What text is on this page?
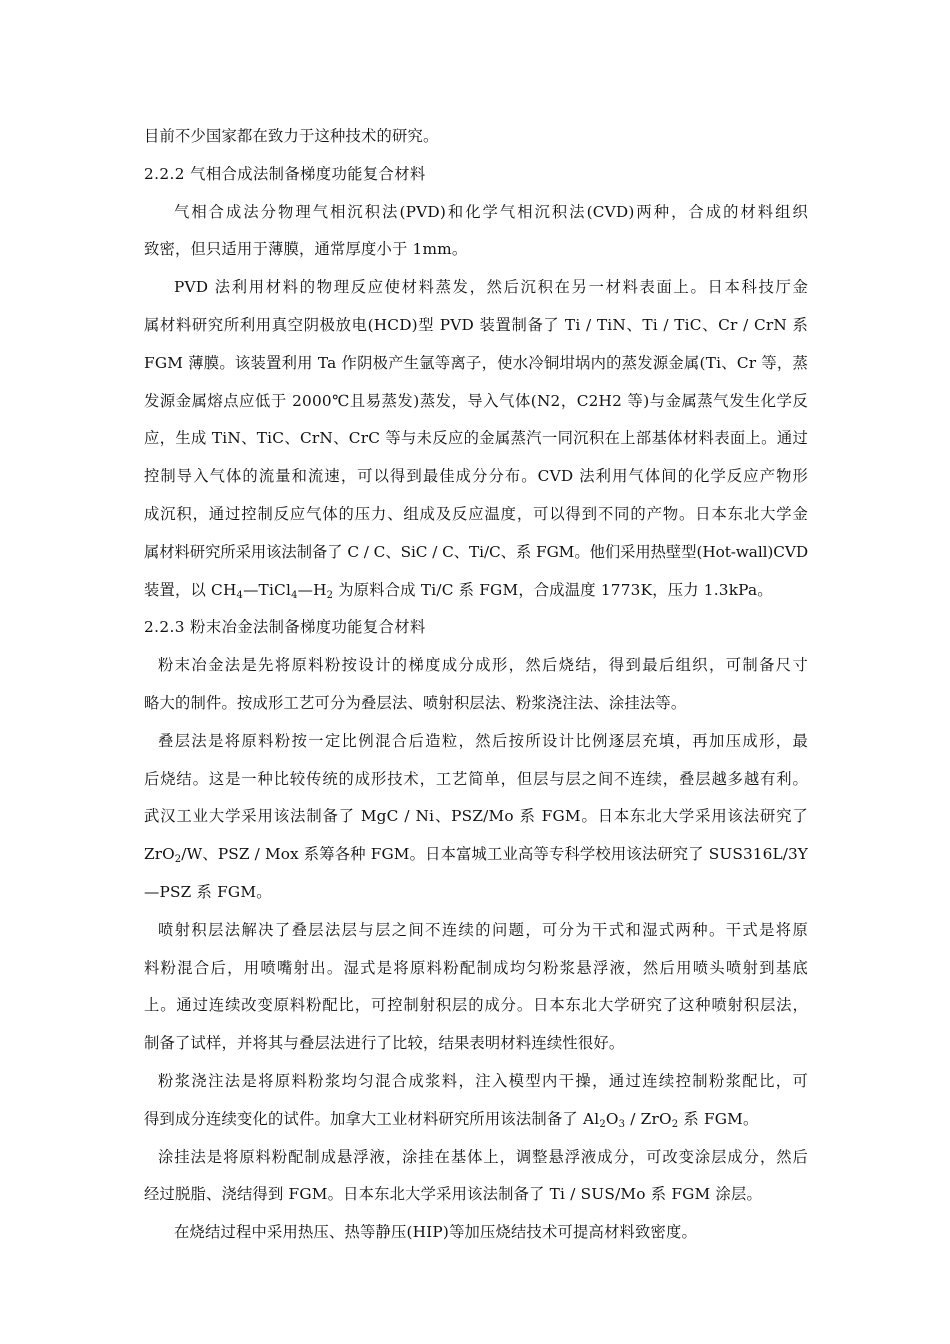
目前不少国家都在致力于这种技术的研究。
2.2.2 气相合成法制备梯度功能复合材料
气相合成法分物理气相沉积法(PVD)和化学气相沉积法(CVD)两种，合成的材料组织
致密，但只适用于薄膜，通常厚度小于 1mm。
PVD 法利用材料的物理反应使材料蒸发，然后沉积在另一材料表面上。日本科技厅金
属材料研究所利用真空阴极放电(HCD)型 PVD 装置制备了 Ti / TiN、Ti / TiC、Cr / CrN 系
FGM 薄膜。该装置利用 Ta 作阴极产生氩等离子，使水冷铜坩埚内的蒸发源金属(Ti、Cr 等，蒸
发源金属熔点应低于 2000℃且易蒸发)蒸发，导入气体(N2，C2H2 等)与金属蒸气发生化学反
应，生成 TiN、TiC、CrN、CrC 等与未反应的金属蒸汽一同沉积在上部基体材料表面上。通过
控制导入气体的流量和流速，可以得到最佳成分分布。CVD 法利用气体间的化学反应产物形
成沉积，通过控制反应气体的压力、组成及反应温度，可以得到不同的产物。日本东北大学金
属材料研究所采用该法制备了 C / C、SiC / C、Ti/C、系 FGM。他们采用热壁型(Hot-wall)CVD
装置，以 $CH_4—TiCl_4—H_2$ 为原料合成 Ti/C 系 FGM，合成温度 1773K，压力 1.3kPa。
2.2.3 粉末冶金法制备梯度功能复合材料
粉末冶金法是先将原料粉按设计的梯度成分成形，然后烧结，得到最后组织，可制备尺寸
略大的制件。按成形工艺可分为叠层法、喷射积层法、粉浆浇注法、涂挂法等。
叠层法是将原料粉按一定比例混合后造粒，然后按所设计比例逐层充填，再加压成形，最
后烧结。这是一种比较传统的成形技术，工艺简单，但层与层之间不连续，叠层越多越有利。
武汉工业大学采用该法制备了 MgC / Ni、PSZ/Mo 系 FGM。日本东北大学采用该法研究了
ZrO$_2$/W、PSZ / Mox 系筹各种 FGM。日本富城工业高等专科学校用该法研究了 SUS316L/3Y
—PSZ 系 FGM。
喷射积层法解决了叠层法层与层之间不连续的问题，可分为干式和湿式两种。干式是将原
料粉混合后，用喷嘴射出。湿式是将原料粉配制成均匀粉浆悬浮液，然后用喷头喷射到基底
上。通过连续改变原料粉配比，可控制射积层的成分。日本东北大学研究了这种喷射积层法，
制备了试样，并将其与叠层法进行了比较，结果表明材料连续性很好。
粉浆浇注法是将原料粉浆均匀混合成浆料，注入模型内干操，通过连续控制粉浆配比，可
得到成分连续变化的试件。加拿大工业材料研究所用该法制备了 $Al_2O_3 / ZrO_2$ 系 FGM。
涂挂法是将原料粉配制成悬浮液，涂挂在基体上，调整悬浮液成分，可改变涂层成分，然后
经过脱脂、浇结得到 FGM。日本东北大学采用该法制备了 Ti / SUS/Mo 系 FGM 涂层。
在烧结过程中采用热压、热等静压(HIP)等加压烧结技术可提高材料致密度。
